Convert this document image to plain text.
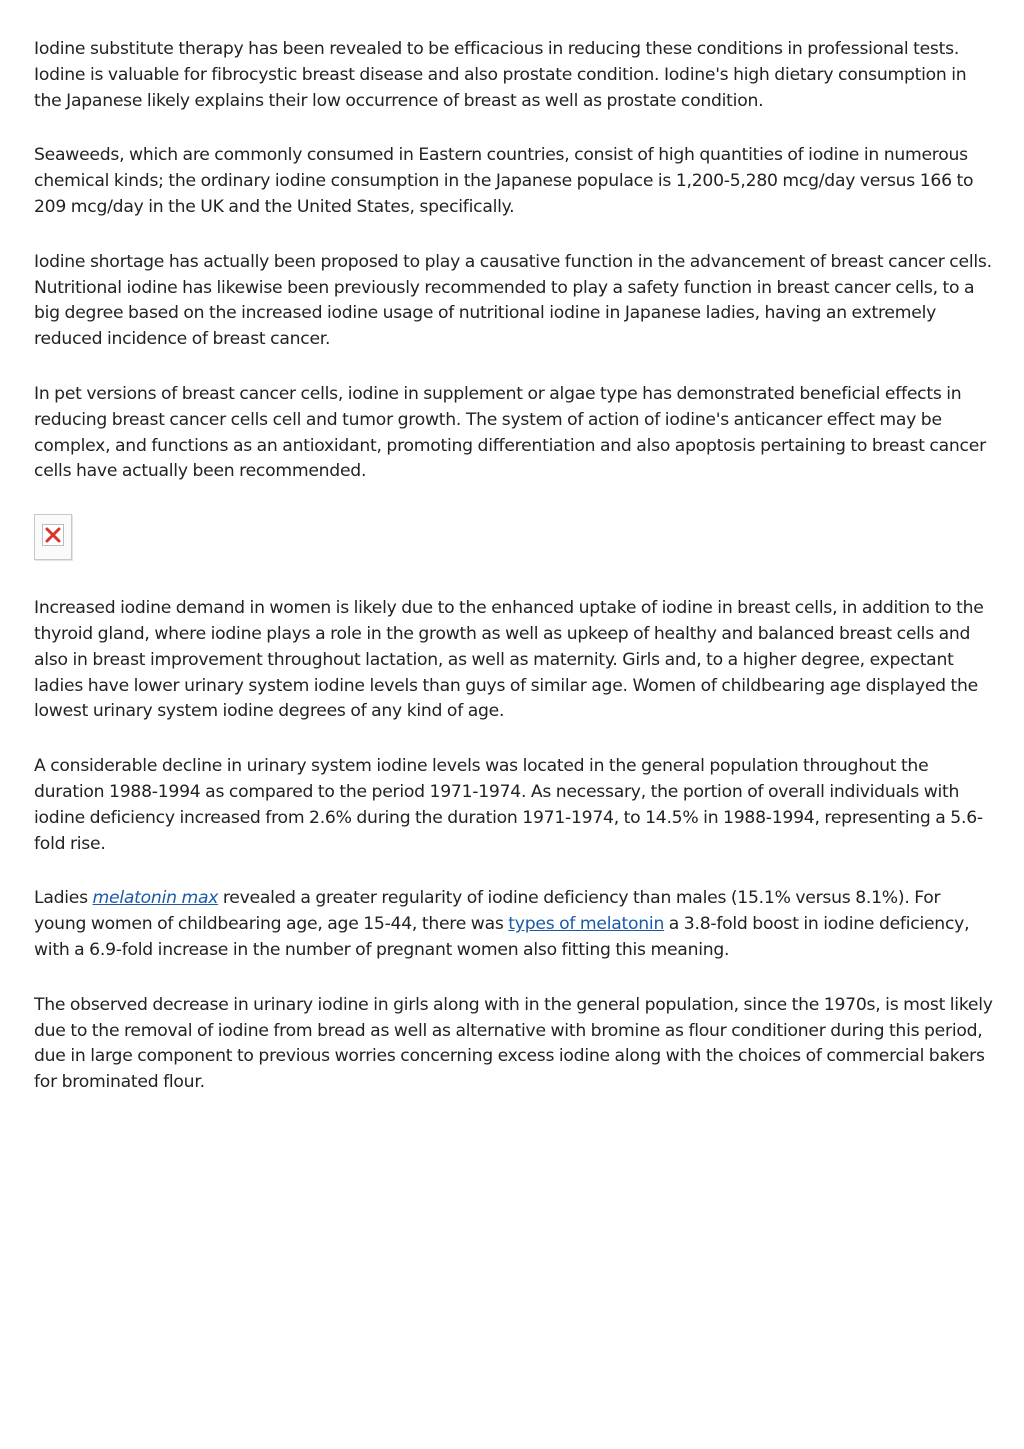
Iodine substitute therapy has been revealed to be efficacious in reducing these conditions in professional tests. Iodine is valuable for fibrocystic breast disease and also prostate condition. Iodine's high dietary consumption in the Japanese likely explains their low occurrence of breast as well as prostate condition.

Seaweeds, which are commonly consumed in Eastern countries, consist of high quantities of iodine in numerous chemical kinds; the ordinary iodine consumption in the Japanese populace is 1,200-5,280 mcg/day versus 166 to 209 mcg/day in the UK and the United States, specifically.

Iodine shortage has actually been proposed to play a causative function in the advancement of breast cancer cells. Nutritional iodine has likewise been previously recommended to play a safety function in breast cancer cells, to a big degree based on the increased iodine usage of nutritional iodine in Japanese ladies, having an extremely reduced incidence of breast cancer.

In pet versions of breast cancer cells, iodine in supplement or algae type has demonstrated beneficial effects in reducing breast cancer cells cell and tumor growth. The system of action of iodine's anticancer effect may be complex, and functions as an antioxidant, promoting differentiation and also apoptosis pertaining to breast cancer cells have actually been recommended.

Increased iodine demand in women is likely due to the enhanced uptake of iodine in breast cells, in addition to the thyroid gland, where iodine plays a role in the growth as well as upkeep of healthy and balanced breast cells and also in breast improvement throughout lactation, as well as maternity. Girls and, to a higher degree, expectant ladies have lower urinary system iodine levels than guys of similar age. Women of childbearing age displayed the lowest urinary system iodine degrees of any kind of age.

A considerable decline in urinary system iodine levels was located in the general population throughout the duration 1988-1994 as compared to the period 1971-1974. As necessary, the portion of overall individuals with iodine deficiency increased from 2.6% during the duration 1971-1974, to 14.5% in 1988-1994, representing a 5.6-fold rise.

Ladies melatonin max revealed a greater regularity of iodine deficiency than males (15.1% versus 8.1%). For young women of childbearing age, age 15-44, there was types of melatonin a 3.8-fold boost in iodine deficiency, with a 6.9-fold increase in the number of pregnant women also fitting this meaning.

The observed decrease in urinary iodine in girls along with in the general population, since the 1970s, is most likely due to the removal of iodine from bread as well as alternative with bromine as flour conditioner during this period, due in large component to previous worries concerning excess iodine along with the choices of commercial bakers for brominated flour.
